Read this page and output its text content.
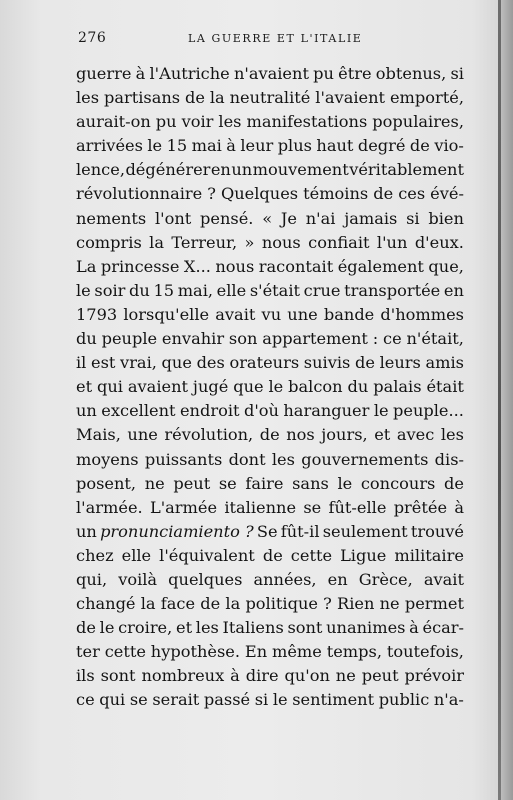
276	LA GUERRE ET L'ITALIE
guerre à l'Autriche n'avaient pu être obtenus, si
les partisans de la neutralité l'avaient emporté,
aurait-on pu voir les manifestations populaires,
arrivées le 15 mai à leur plus haut degré de vio-
lence, dégénérer en un mouvement véritablement
révolutionnaire ? Quelques témoins de ces évé-
nements l'ont pensé. « Je n'ai jamais si bien
compris la Terreur, » nous confiait l'un d'eux.
La princesse X... nous racontait également que,
le soir du 15 mai, elle s'était crue transportée en
1793 lorsqu'elle avait vu une bande d'hommes
du peuple envahir son appartement : ce n'était,
il est vrai, que des orateurs suivis de leurs amis
et qui avaient jugé que le balcon du palais était
un excellent endroit d'où haranguer le peuple...
Mais, une révolution, de nos jours, et avec les
moyens puissants dont les gouvernements dis-
posent, ne peut se faire sans le concours de
l'armée. L'armée italienne se fût-elle prêtée à
un pronunciamiento ? Se fût-il seulement trouvé
chez elle l'équivalent de cette Ligue militaire
qui, voilà quelques années, en Grèce, avait
changé la face de la politique ? Rien ne permet
de le croire, et les Italiens sont unanimes à écar-
ter cette hypothèse. En même temps, toutefois,
ils sont nombreux à dire qu'on ne peut prévoir
ce qui se serait passé si le sentiment public n'a-
